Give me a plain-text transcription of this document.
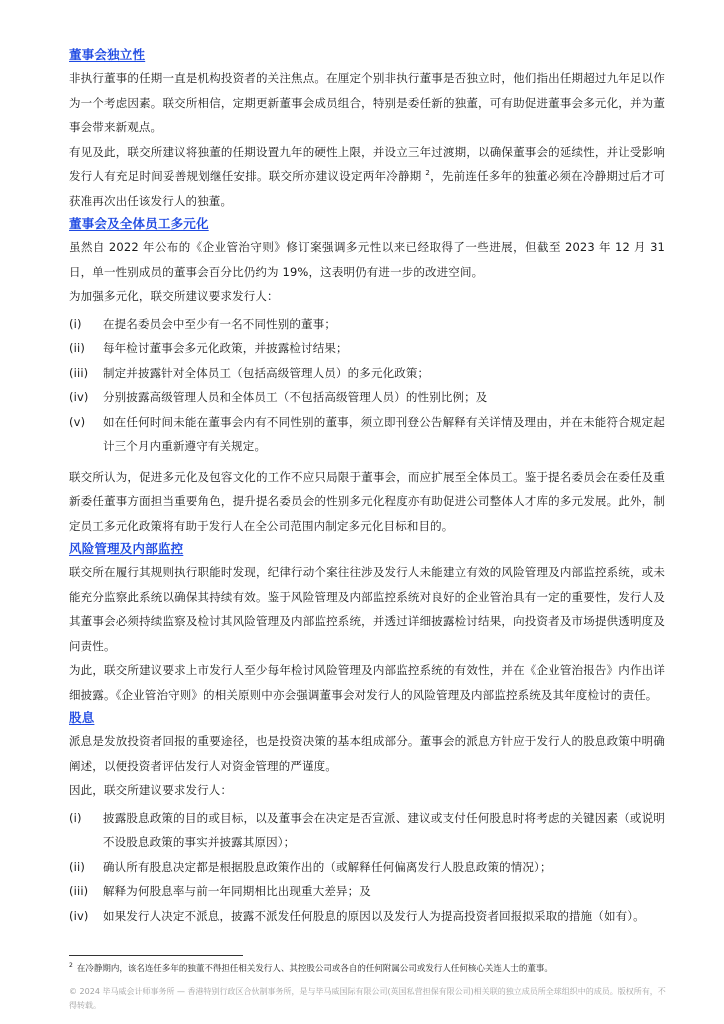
董事会独立性

非执行董事的任期一直是机构投资者的关注焦点。在厘定个别非执行董事是否独立时，他们指出任期超过九年足以作为一个考虑因素。联交所相信，定期更新董事会成员组合，特别是委任新的独董，可有助促进董事会多元化，并为董事会带来新观点。

有见及此，联交所建议将独董的任期设置九年的硬性上限，并设立三年过渡期，以确保董事会的延续性，并让受影响发行人有充足时间妥善规划继任安排。联交所亦建议设定两年冷静期 $^2$，先前连任多年的独董必须在冷静期过后才可获准再次出任该发行人的独董。

董事会及全体员工多元化

虽然自 2022 年公布的《企业管治守则》修订案强调多元性以来已经取得了一些进展，但截至 2023 年 12 月 31 日，单一性别成员的董事会百分比仍约为 19%，这表明仍有进一步的改进空间。

为加强多元化，联交所建议要求发行人：

(i) 在提名委员会中至少有一名不同性别的董事；
(ii) 每年检讨董事会多元化政策，并披露检讨结果；
(iii) 制定并披露针对全体员工（包括高级管理人员）的多元化政策；
(iv) 分别披露高级管理人员和全体员工（不包括高级管理人员）的性别比例；及
(v) 如在任何时间未能在董事会内有不同性别的董事，须立即刊登公告解释有关详情及理由，并在未能符合规定起计三个月内重新遵守有关规定。

联交所认为，促进多元化及包容文化的工作不应只局限于董事会，而应扩展至全体员工。鉴于提名委员会在委任及重新委任董事方面担当重要角色，提升提名委员会的性别多元化程度亦有助促进公司整体人才库的多元发展。此外，制定员工多元化政策将有助于发行人在全公司范围内制定多元化目标和目的。

风险管理及内部监控

联交所在履行其规则执行职能时发现，纪律行动个案往往涉及发行人未能建立有效的风险管理及内部监控系统，或未能充分监察此系统以确保其持续有效。鉴于风险管理及内部监控系统对良好的企业管治具有一定的重要性，发行人及其董事会必须持续监察及检讨其风险管理及内部监控系统，并透过详细披露检讨结果，向投资者及市场提供透明度及问责性。

为此，联交所建议要求上市发行人至少每年检讨风险管理及内部监控系统的有效性，并在《企业管治报告》内作出详细披露。《企业管治守则》的相关原则中亦会强调董事会对发行人的风险管理及内部监控系统及其年度检讨的责任。

股息

派息是发放投资者回报的重要途径，也是投资决策的基本组成部分。董事会的派息方针应于发行人的股息政策中明确阐述，以便投资者评估发行人对资金管理的严谨度。

因此，联交所建议要求发行人：

(i) 披露股息政策的目的或目标，以及董事会在决定是否宣派、建议或支付任何股息时将考虑的关键因素（或说明不设股息政策的事实并披露其原因）；
(ii) 确认所有股息决定都是根据股息政策作出的（或解释任何偏离发行人股息政策的情况）；
(iii) 解释为何股息率与前一年同期相比出现重大差异；及
(iv) 如果发行人决定不派息，披露不派发任何股息的原因以及发行人为提高投资者回报拟采取的措施（如有）。
$^2$ 在冷静期内，该名连任多年的独董不得担任相关发行人、其控股公司或各自的任何附属公司或发行人任何核心关连人士的董事。
© 2024 毕马威会计师事务所 — 香港特别行政区合伙制事务所，是与毕马威国际有限公司(英国私营担保有限公司)相关联的独立成员所全球组织中的成员。版权所有，不得转载。
